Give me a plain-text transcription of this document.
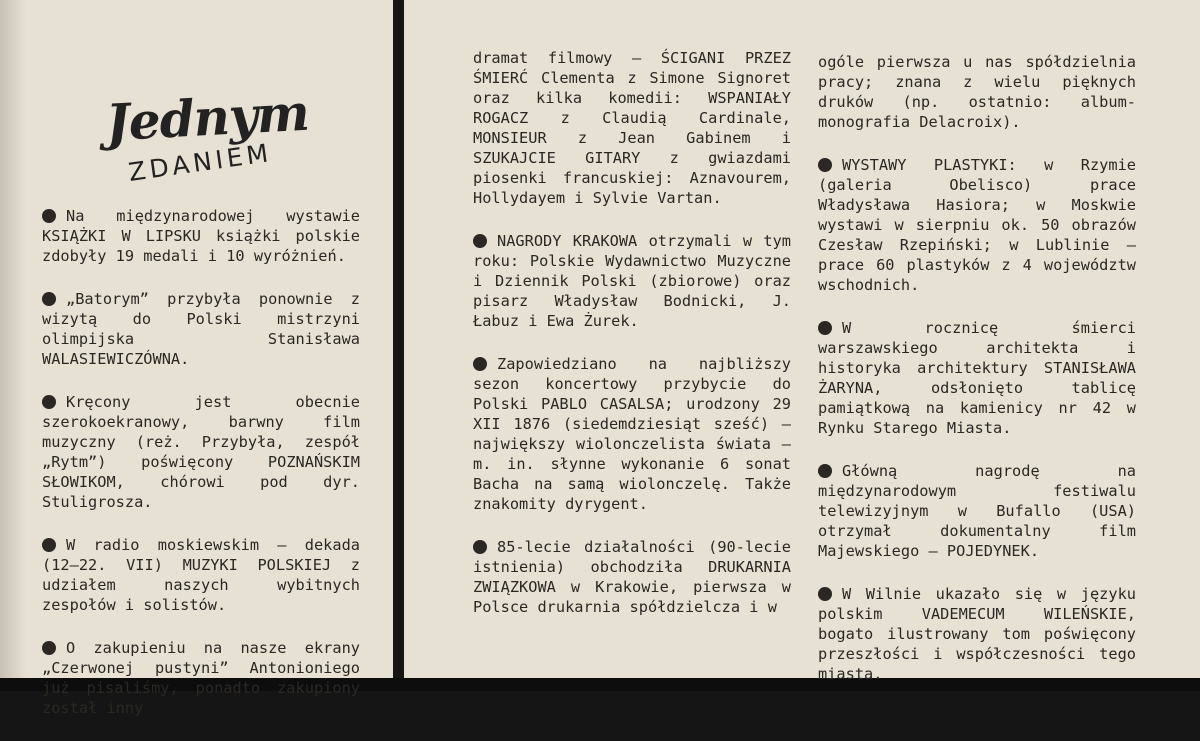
Jednym
ZDANIEM

Na międzynarodowej wystawie KSIĄŻKI W LIPSKU książki polskie zdobyły 19 medali i 10 wyróżnień.

„Batorym” przybyła ponownie z wizytą do Polski mistrzyni olimpijska Stanisława WALASIEWICZÓWNA.

Kręcony jest obecnie szerokoekranowy, barwny film muzyczny (reż. Przybyła, zespół „Rytm”) poświęcony POZNAŃSKIM SŁOWIKOM, chórowi pod dyr. Stuligrosza.

W radio moskiewskim — dekada (12—22. VII) MUZYKI POLSKIEJ z udziałem naszych wybitnych zespołów i solistów.

O zakupieniu na nasze ekrany „Czerwonej pustyni” Antonioniego już pisaliśmy, ponadto zakupiony został inny

dramat filmowy — ŚCIGANI PRZEZ ŚMIERĆ Clementa z Simone Signoret oraz kilka komedii: WSPANIAŁY ROGACZ z Claudią Cardinale, MONSIEUR z Jean Gabinem i SZUKAJCIE GITARY z gwiazdami piosenki francuskiej: Aznavourem, Hollydayem i Sylvie Vartan.

NAGRODY KRAKOWA otrzymali w tym roku: Polskie Wydawnictwo Muzyczne i Dziennik Polski (zbiorowe) oraz pisarz Władysław Bodnicki, J. Łabuz i Ewa Żurek.

Zapowiedziano na najbliższy sezon koncertowy przybycie do Polski PABLO CASALSA; urodzony 29 XII 1876 (siedemdziesiąt sześć) — największy wiolonczelista świata — m. in. słynne wykonanie 6 sonat Bacha na samą wiolonczelę. Także znakomity dyrygent.

85-lecie działalności (90-lecie istnienia) obchodziła DRUKARNIA ZWIĄZKOWA w Krakowie, pierwsza w Polsce drukarnia spółdzielcza i w

ogóle pierwsza u nas spółdzielnia pracy; znana z wielu pięknych druków (np. ostatnio: album-monografia Delacroix).

WYSTAWY PLASTYKI: w Rzymie (galeria Obelisco) prace Władysława Hasiora; w Moskwie wystawi w sierpniu ok. 50 obrazów Czesław Rzepiński; w Lublinie — prace 60 plastyków z 4 województw wschodnich.

W rocznicę śmierci warszawskiego architekta i historyka architektury STANISŁAWA ŻARYNA, odsłonięto tablicę pamiątkową na kamienicy nr 42 w Rynku Starego Miasta.

Główną nagrodę na międzynarodowym festiwalu telewizyjnym w Bufallo (USA) otrzymał dokumentalny film Majewskiego — POJEDYNEK.

W Wilnie ukazało się w języku polskim VADEMECUM WILEŃSKIE, bogato ilustrowany tom poświęcony przeszłości i współczesności tego miasta.
